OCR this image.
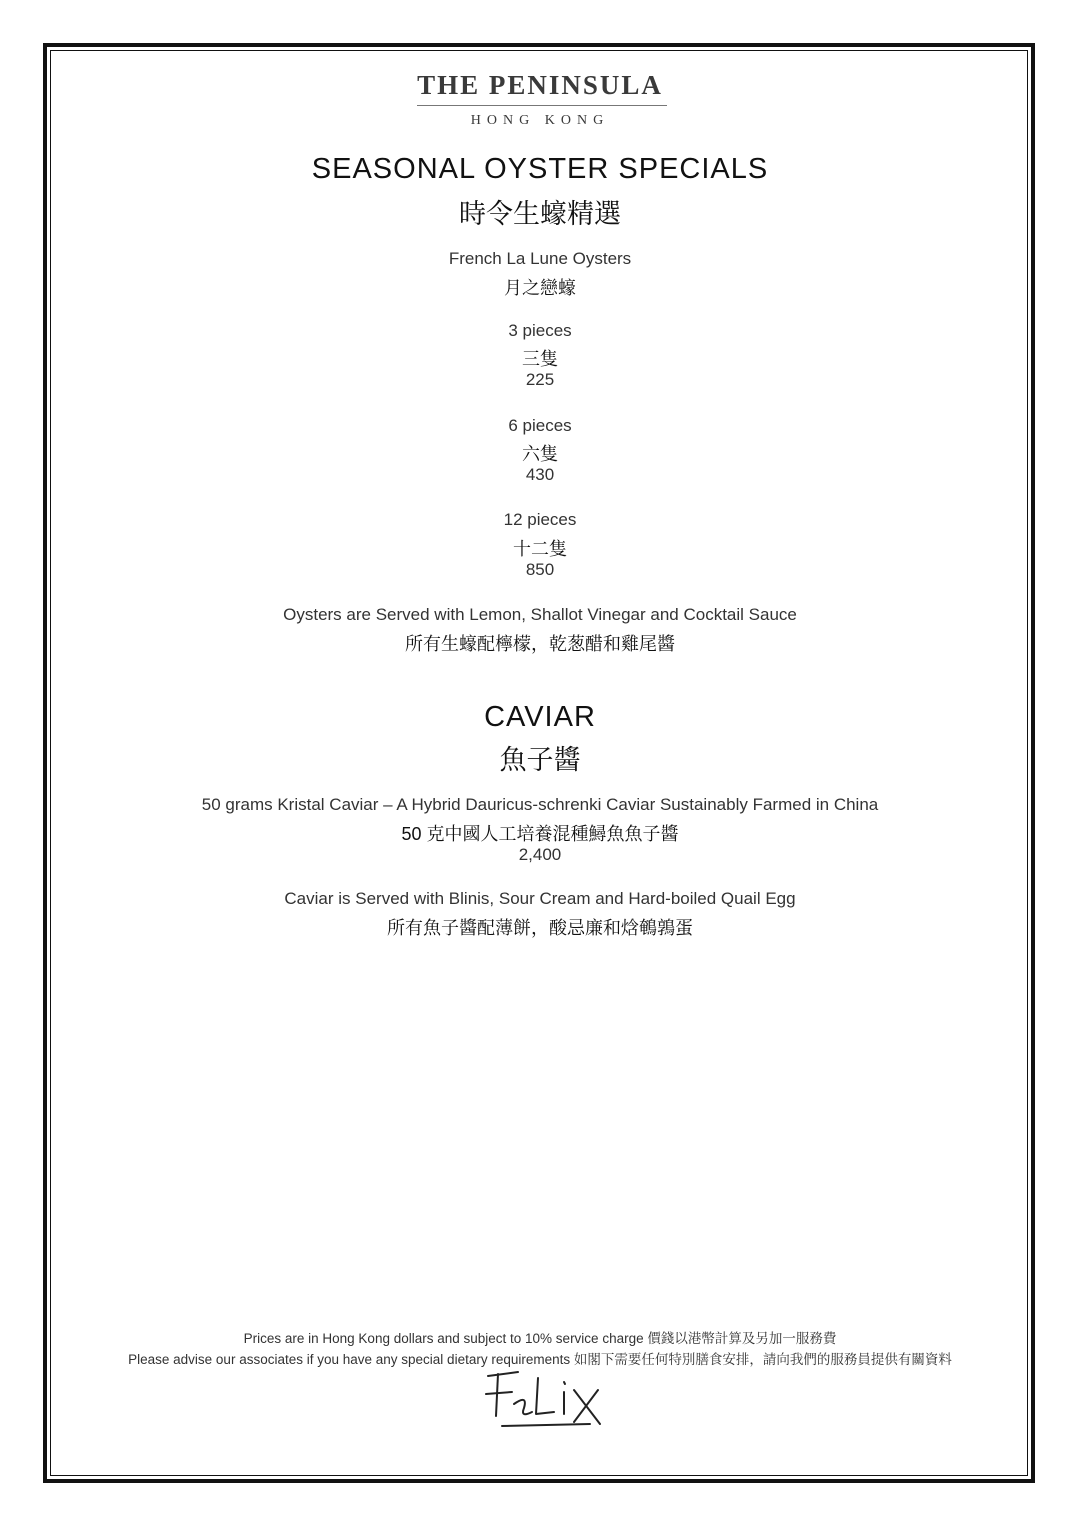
THE PENINSULA
HONG KONG
SEASONAL OYSTER SPECIALS
時令生蠔精選
French La Lune Oysters
月之戀蠔
3 pieces
三隻
225
6 pieces
六隻
430
12 pieces
十二隻
850
Oysters are Served with Lemon, Shallot Vinegar and Cocktail Sauce
所有生蠔配檸檬，乾葱醋和雞尾醬
CAVIAR
魚子醬
50 grams Kristal Caviar – A Hybrid Dauricus-schrenki Caviar Sustainably Farmed in China
50 克中國人工培養混種鱘魚魚子醬
2,400
Caviar is Served with Blinis, Sour Cream and Hard-boiled Quail Egg
所有魚子醬配薄餅，酸忌廉和焓鵪鶉蛋
Prices are in Hong Kong dollars and subject to 10% service charge 價錢以港幣計算及另加一服務費
Please advise our associates if you have any special dietary requirements 如閣下需要任何特別膳食安排，請向我們的服務員提供有關資料
